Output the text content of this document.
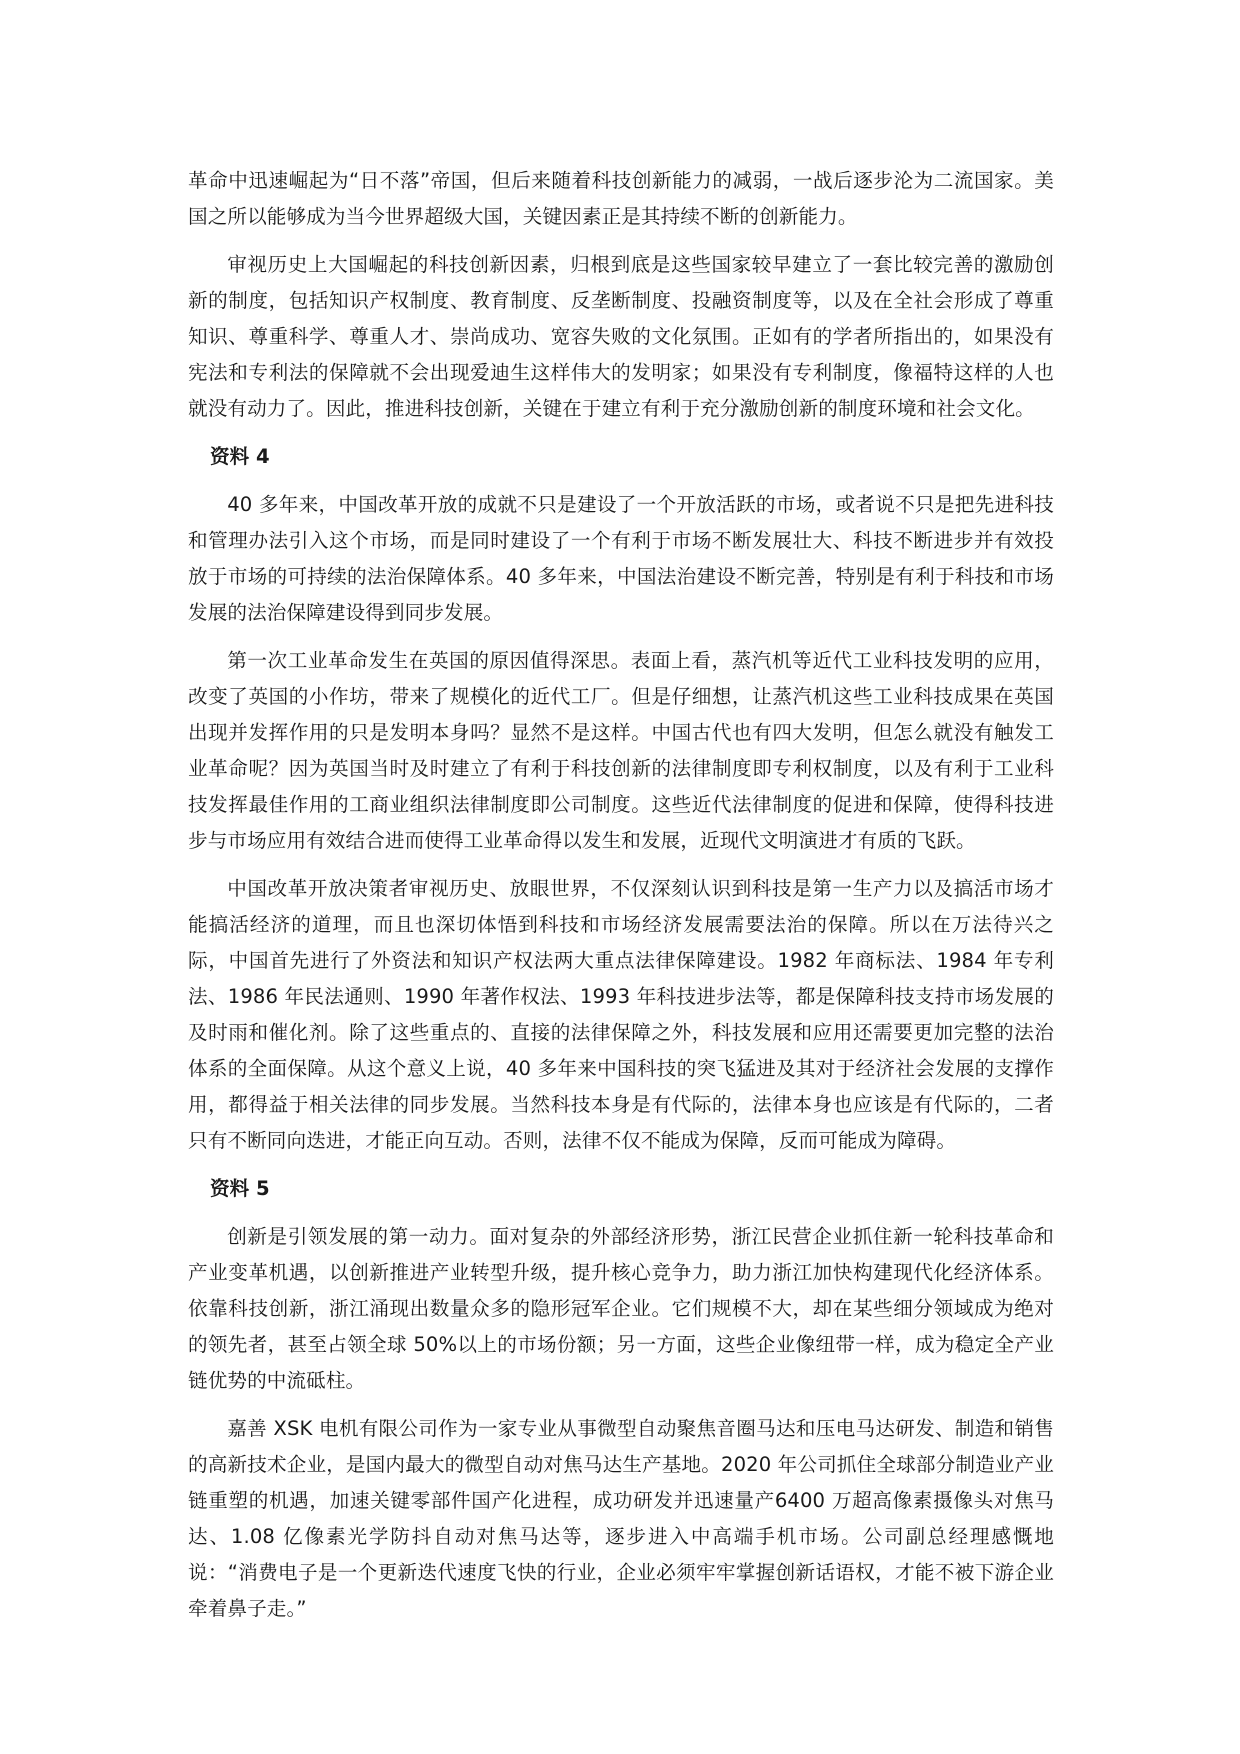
革命中迅速崛起为“日不落”帝国，但后来随着科技创新能力的减弱，一战后逐步沦为二流国家。美国之所以能够成为当今世界超级大国，关键因素正是其持续不断的创新能力。

审视历史上大国崛起的科技创新因素，归根到底是这些国家较早建立了一套比较完善的激励创新的制度，包括知识产权制度、教育制度、反垄断制度、投融资制度等，以及在全社会形成了尊重知识、尊重科学、尊重人才、崇尚成功、宽容失败的文化氛围。正如有的学者所指出的，如果没有宪法和专利法的保障就不会出现爱迪生这样伟大的发明家；如果没有专利制度，像福特这样的人也就没有动力了。因此，推进科技创新，关键在于建立有利于充分激励创新的制度环境和社会文化。

资料 4

40 多年来，中国改革开放的成就不只是建设了一个开放活跃的市场，或者说不只是把先进科技和管理办法引入这个市场，而是同时建设了一个有利于市场不断发展壮大、科技不断进步并有效投放于市场的可持续的法治保障体系。40 多年来，中国法治建设不断完善，特别是有利于科技和市场发展的法治保障建设得到同步发展。

第一次工业革命发生在英国的原因值得深思。表面上看，蒸汽机等近代工业科技发明的应用，改变了英国的小作坊，带来了规模化的近代工厂。但是仔细想，让蒸汽机这些工业科技成果在英国出现并发挥作用的只是发明本身吗？显然不是这样。中国古代也有四大发明，但怎么就没有触发工业革命呢？因为英国当时及时建立了有利于科技创新的法律制度即专利权制度，以及有利于工业科技发挥最佳作用的工商业组织法律制度即公司制度。这些近代法律制度的促进和保障，使得科技进步与市场应用有效结合进而使得工业革命得以发生和发展，近现代文明演进才有质的飞跃。

中国改革开放决策者审视历史、放眼世界，不仅深刻认识到科技是第一生产力以及搞活市场才能搞活经济的道理，而且也深切体悟到科技和市场经济发展需要法治的保障。所以在万法待兴之际，中国首先进行了外资法和知识产权法两大重点法律保障建设。1982 年商标法、1984 年专利法、1986 年民法通则、1990 年著作权法、1993 年科技进步法等，都是保障科技支持市场发展的及时雨和催化剂。除了这些重点的、直接的法律保障之外，科技发展和应用还需要更加完整的法治体系的全面保障。从这个意义上说，40 多年来中国科技的突飞猛进及其对于经济社会发展的支撑作用，都得益于相关法律的同步发展。当然科技本身是有代际的，法律本身也应该是有代际的，二者只有不断同向迭进，才能正向互动。否则，法律不仅不能成为保障，反而可能成为障碍。

资料 5

创新是引领发展的第一动力。面对复杂的外部经济形势，浙江民营企业抓住新一轮科技革命和产业变革机遇，以创新推进产业转型升级，提升核心竞争力，助力浙江加快构建现代化经济体系。依靠科技创新，浙江涌现出数量众多的隐形冠军企业。它们规模不大，却在某些细分领域成为绝对的领先者，甚至占领全球 50%以上的市场份额；另一方面，这些企业像纽带一样，成为稳定全产业链优势的中流砥柱。

嘉善 XSK 电机有限公司作为一家专业从事微型自动聚焦音圈马达和压电马达研发、制造和销售的高新技术企业，是国内最大的微型自动对焦马达生产基地。2020 年公司抓住全球部分制造业产业链重塑的机遇，加速关键零部件国产化进程，成功研发并迅速量产6400 万超高像素摄像头对焦马达、1.08 亿像素光学防抖自动对焦马达等，逐步进入中高端手机市场。公司副总经理感慨地说：“消费电子是一个更新迭代速度飞快的行业，企业必须牢牢掌握创新话语权，才能不被下游企业牵着鼻子走。”
